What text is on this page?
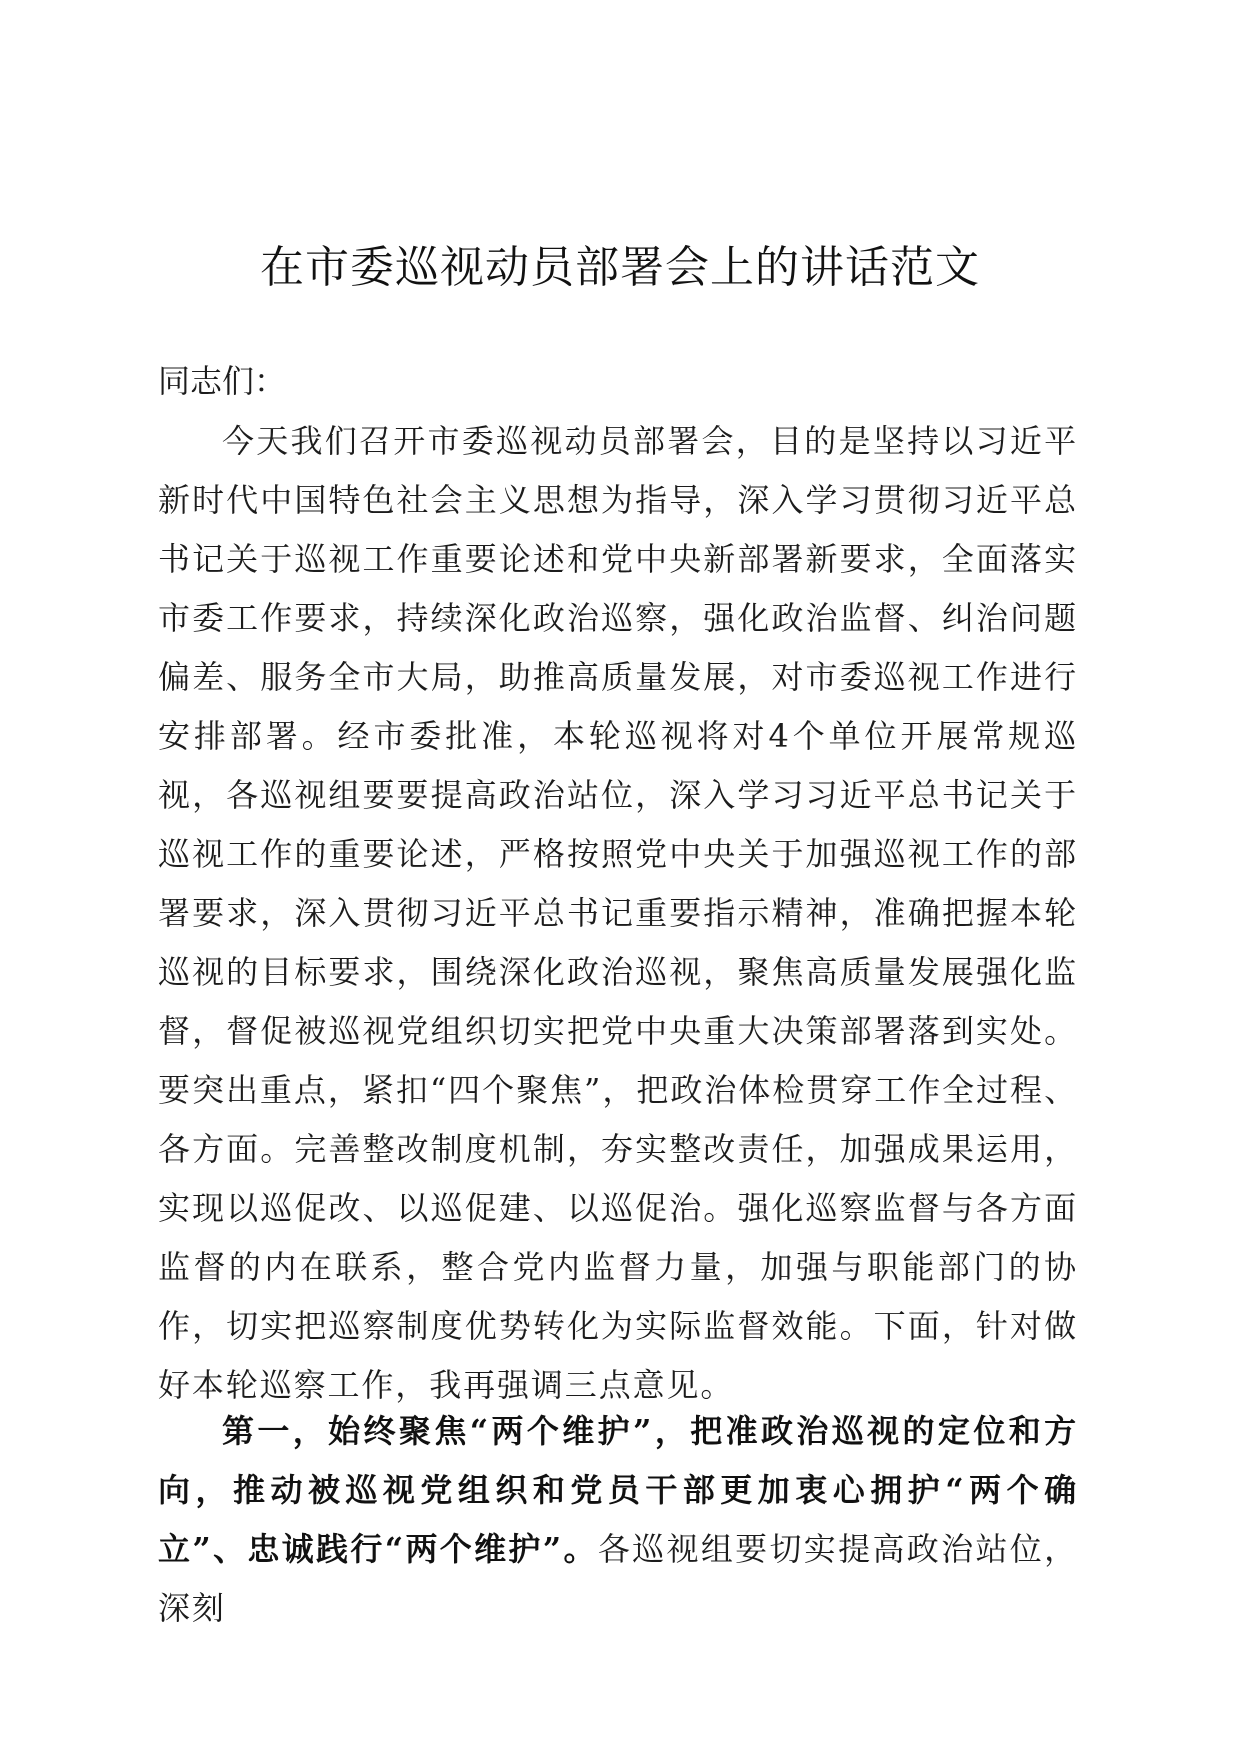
在市委巡视动员部署会上的讲话范文
同志们：
今天我们召开市委巡视动员部署会，目的是坚持以习近平新时代中国特色社会主义思想为指导，深入学习贯彻习近平总书记关于巡视工作重要论述和党中央新部署新要求，全面落实市委工作要求，持续深化政治巡察，强化政治监督、纠治问题偏差、服务全市大局，助推高质量发展，对市委巡视工作进行安排部署。经市委批准，本轮巡视将对4个单位开展常规巡视，各巡视组要要提高政治站位，深入学习习近平总书记关于巡视工作的重要论述，严格按照党中央关于加强巡视工作的部署要求，深入贯彻习近平总书记重要指示精神，准确把握本轮巡视的目标要求，围绕深化政治巡视，聚焦高质量发展强化监督，督促被巡视党组织切实把党中央重大决策部署落到实处。要突出重点，紧扣“四个聚焦”，把政治体检贯穿工作全过程、各方面。完善整改制度机制，夯实整改责任，加强成果运用，实现以巡促改、以巡促建、以巡促治。强化巡察监督与各方面监督的内在联系，整合党内监督力量，加强与职能部门的协作，切实把巡察制度优势转化为实际监督效能。下面，针对做好本轮巡察工作，我再强调三点意见。
第一，始终聚焦“两个维护”，把准政治巡视的定位和方向，推动被巡视党组织和党员干部更加衷心拥护“两个确立”、忠诚践行“两个维护”。各巡视组要切实提高政治站位，深刻
